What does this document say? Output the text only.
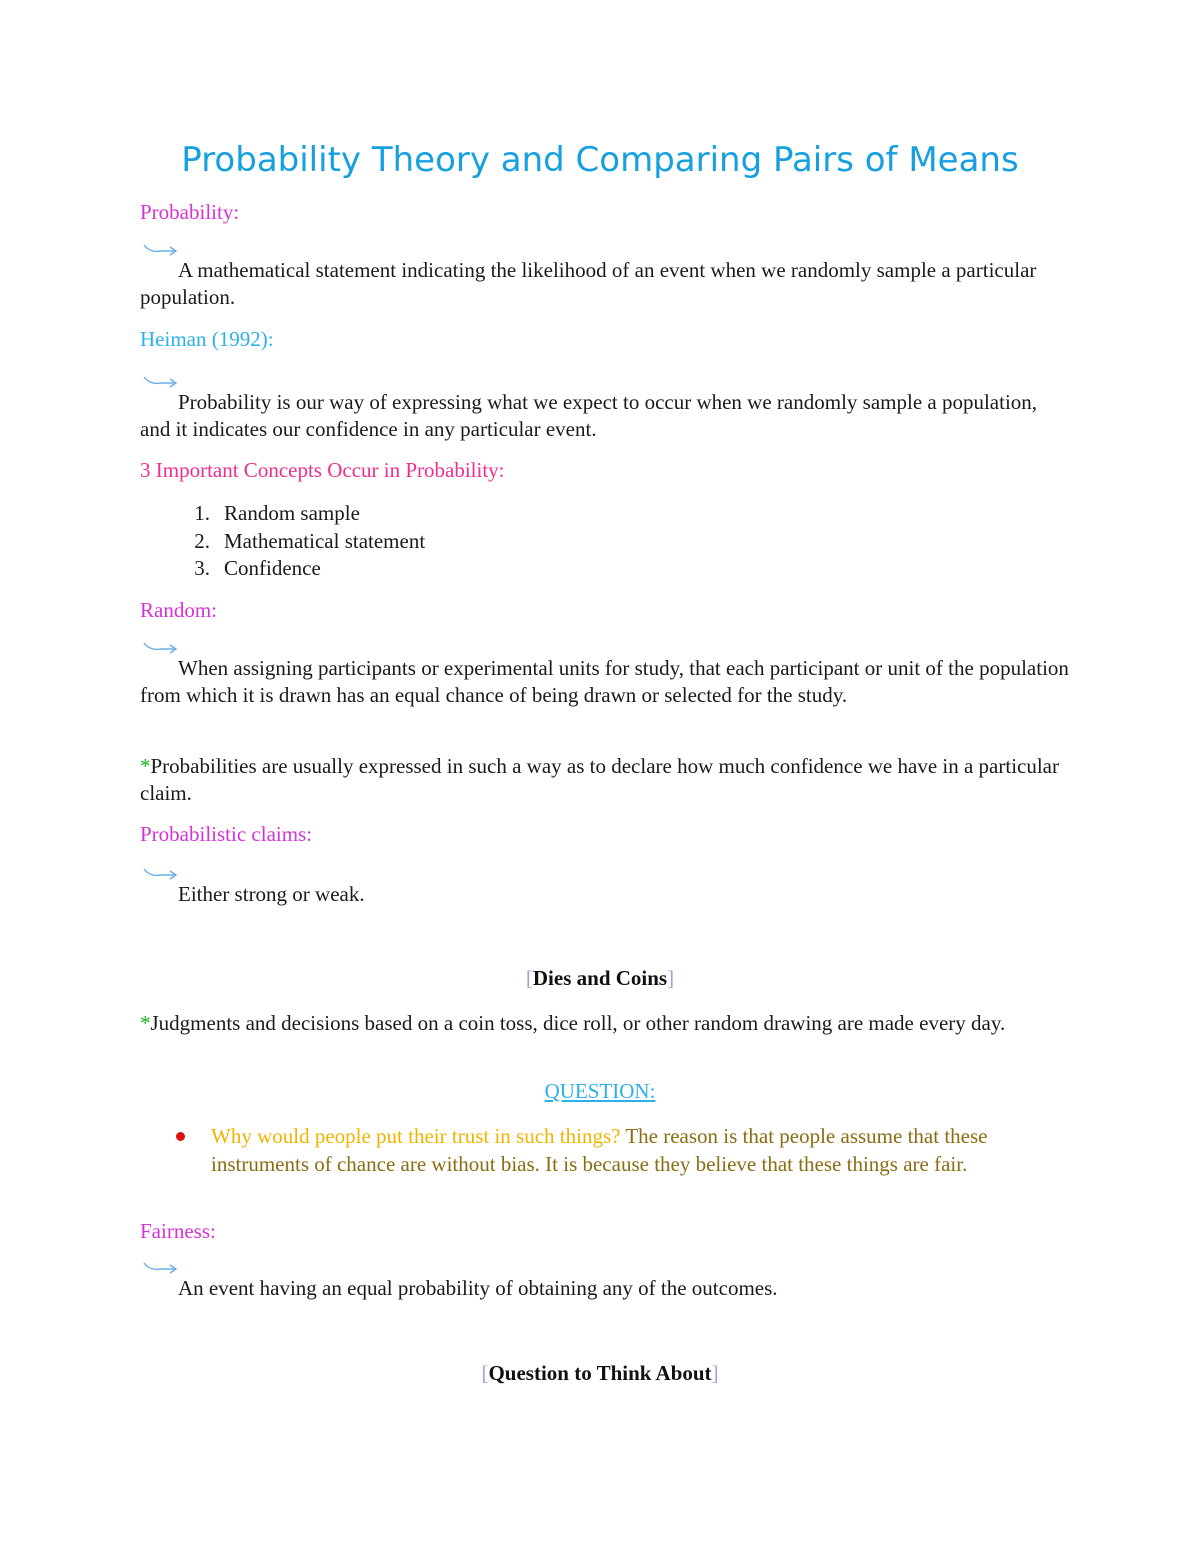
Probability Theory and Comparing Pairs of Means
Probability:
A mathematical statement indicating the likelihood of an event when we randomly sample a particular population.
Heiman (1992):
Probability is our way of expressing what we expect to occur when we randomly sample a population, and it indicates our confidence in any particular event.
3 Important Concepts Occur in Probability:
1. Random sample
2. Mathematical statement
3. Confidence
Random:
When assigning participants or experimental units for study, that each participant or unit of the population from which it is drawn has an equal chance of being drawn or selected for the study.
*Probabilities are usually expressed in such a way as to declare how much confidence we have in a particular claim.
Probabilistic claims:
Either strong or weak.
[Dies and Coins]
*Judgments and decisions based on a coin toss, dice roll, or other random drawing are made every day.
QUESTION:
Why would people put their trust in such things? The reason is that people assume that these instruments of chance are without bias. It is because they believe that these things are fair.
Fairness:
An event having an equal probability of obtaining any of the outcomes.
[Question to Think About]
